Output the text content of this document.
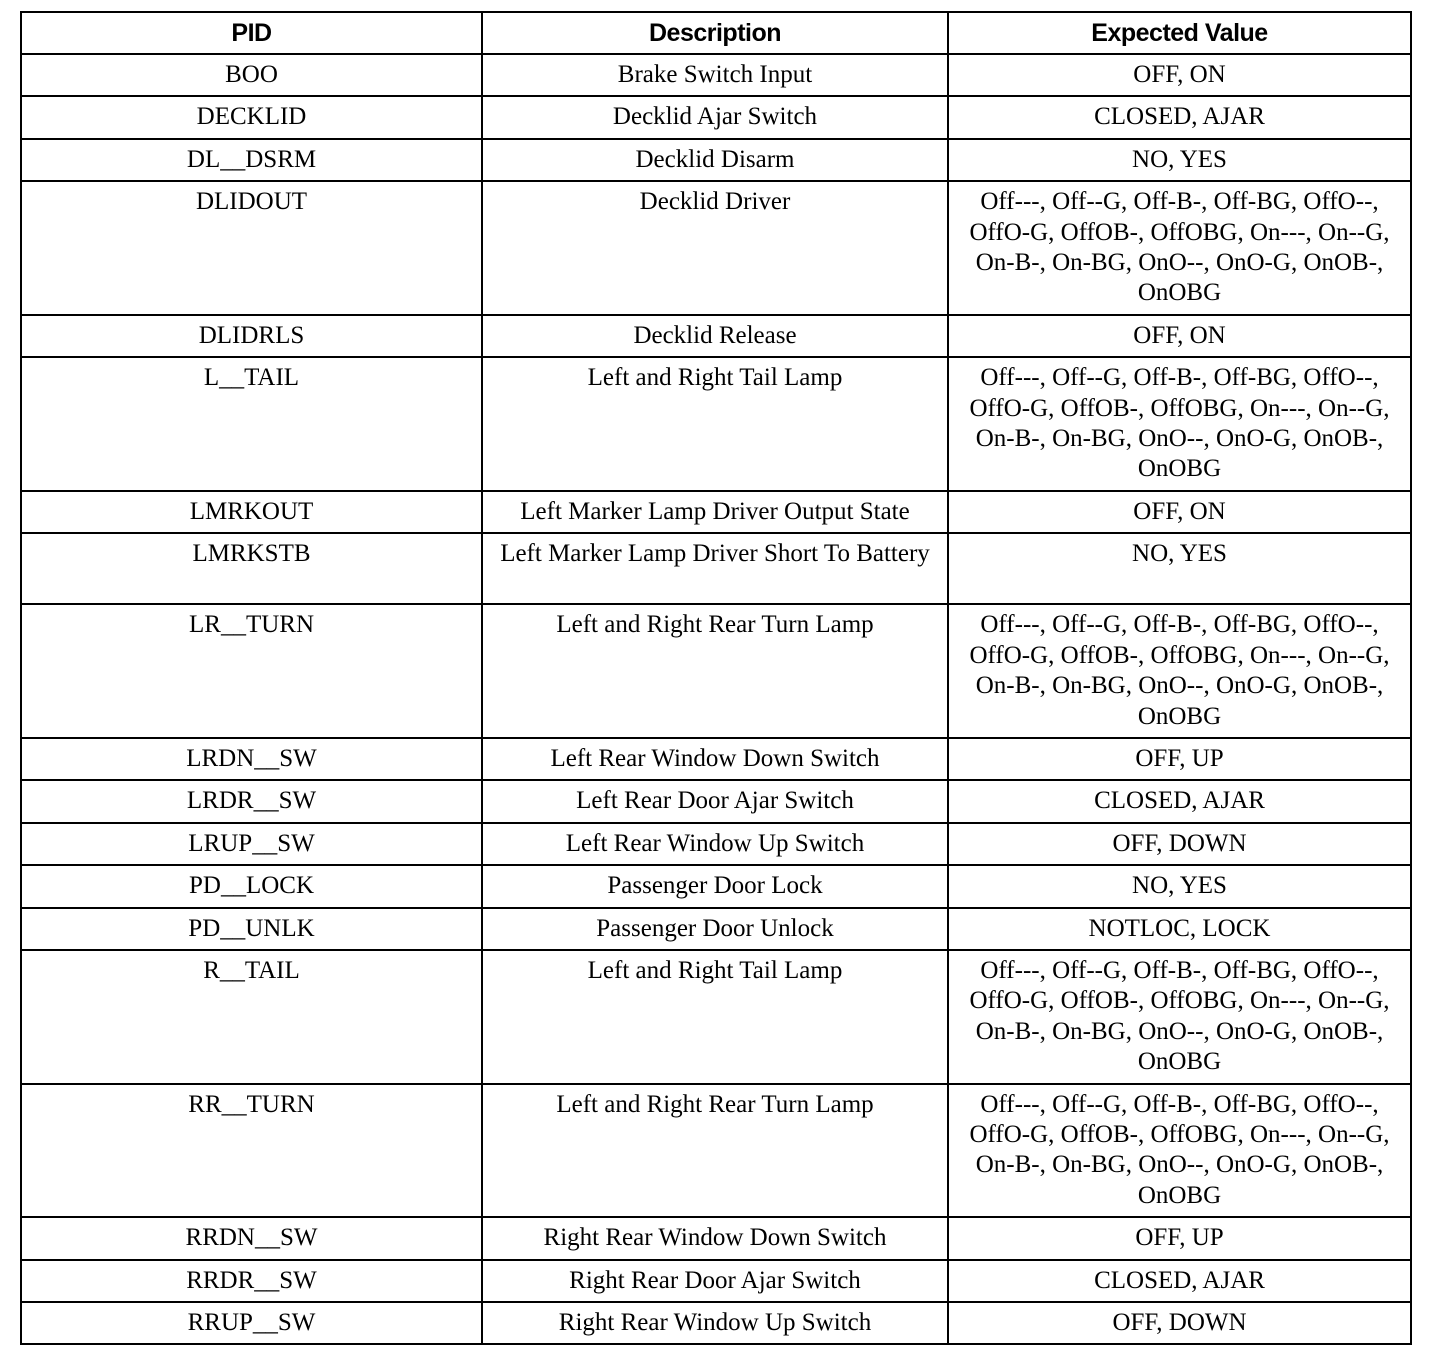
PID	Description	Expected Value
BOO	Brake Switch Input	OFF, ON
DECKLID	Decklid Ajar Switch	CLOSED, AJAR
DL__DSRM	Decklid Disarm	NO, YES
DLIDOUT	Decklid Driver	Off---, Off--G, Off-B-, Off-BG, OffO--, OffO-G, OffOB-, OffOBG, On---, On--G, On-B-, On-BG, OnO--, OnO-G, OnOB-, OnOBG
DLIDRLS	Decklid Release	OFF, ON
L__TAIL	Left and Right Tail Lamp	Off---, Off--G, Off-B-, Off-BG, OffO--, OffO-G, OffOB-, OffOBG, On---, On--G, On-B-, On-BG, OnO--, OnO-G, OnOB-, OnOBG
LMRKOUT	Left Marker Lamp Driver Output State	OFF, ON
LMRKSTB	Left Marker Lamp Driver Short To Battery	NO, YES
LR__TURN	Left and Right Rear Turn Lamp	Off---, Off--G, Off-B-, Off-BG, OffO--, OffO-G, OffOB-, OffOBG, On---, On--G, On-B-, On-BG, OnO--, OnO-G, OnOB-, OnOBG
LRDN__SW	Left Rear Window Down Switch	OFF, UP
LRDR__SW	Left Rear Door Ajar Switch	CLOSED, AJAR
LRUP__SW	Left Rear Window Up Switch	OFF, DOWN
PD__LOCK	Passenger Door Lock	NO, YES
PD__UNLK	Passenger Door Unlock	NOTLOC, LOCK
R__TAIL	Left and Right Tail Lamp	Off---, Off--G, Off-B-, Off-BG, OffO--, OffO-G, OffOB-, OffOBG, On---, On--G, On-B-, On-BG, OnO--, OnO-G, OnOB-, OnOBG
RR__TURN	Left and Right Rear Turn Lamp	Off---, Off--G, Off-B-, Off-BG, OffO--, OffO-G, OffOB-, OffOBG, On---, On--G, On-B-, On-BG, OnO--, OnO-G, OnOB-, OnOBG
RRDN__SW	Right Rear Window Down Switch	OFF, UP
RRDR__SW	Right Rear Door Ajar Switch	CLOSED, AJAR
RRUP__SW	Right Rear Window Up Switch	OFF, DOWN
